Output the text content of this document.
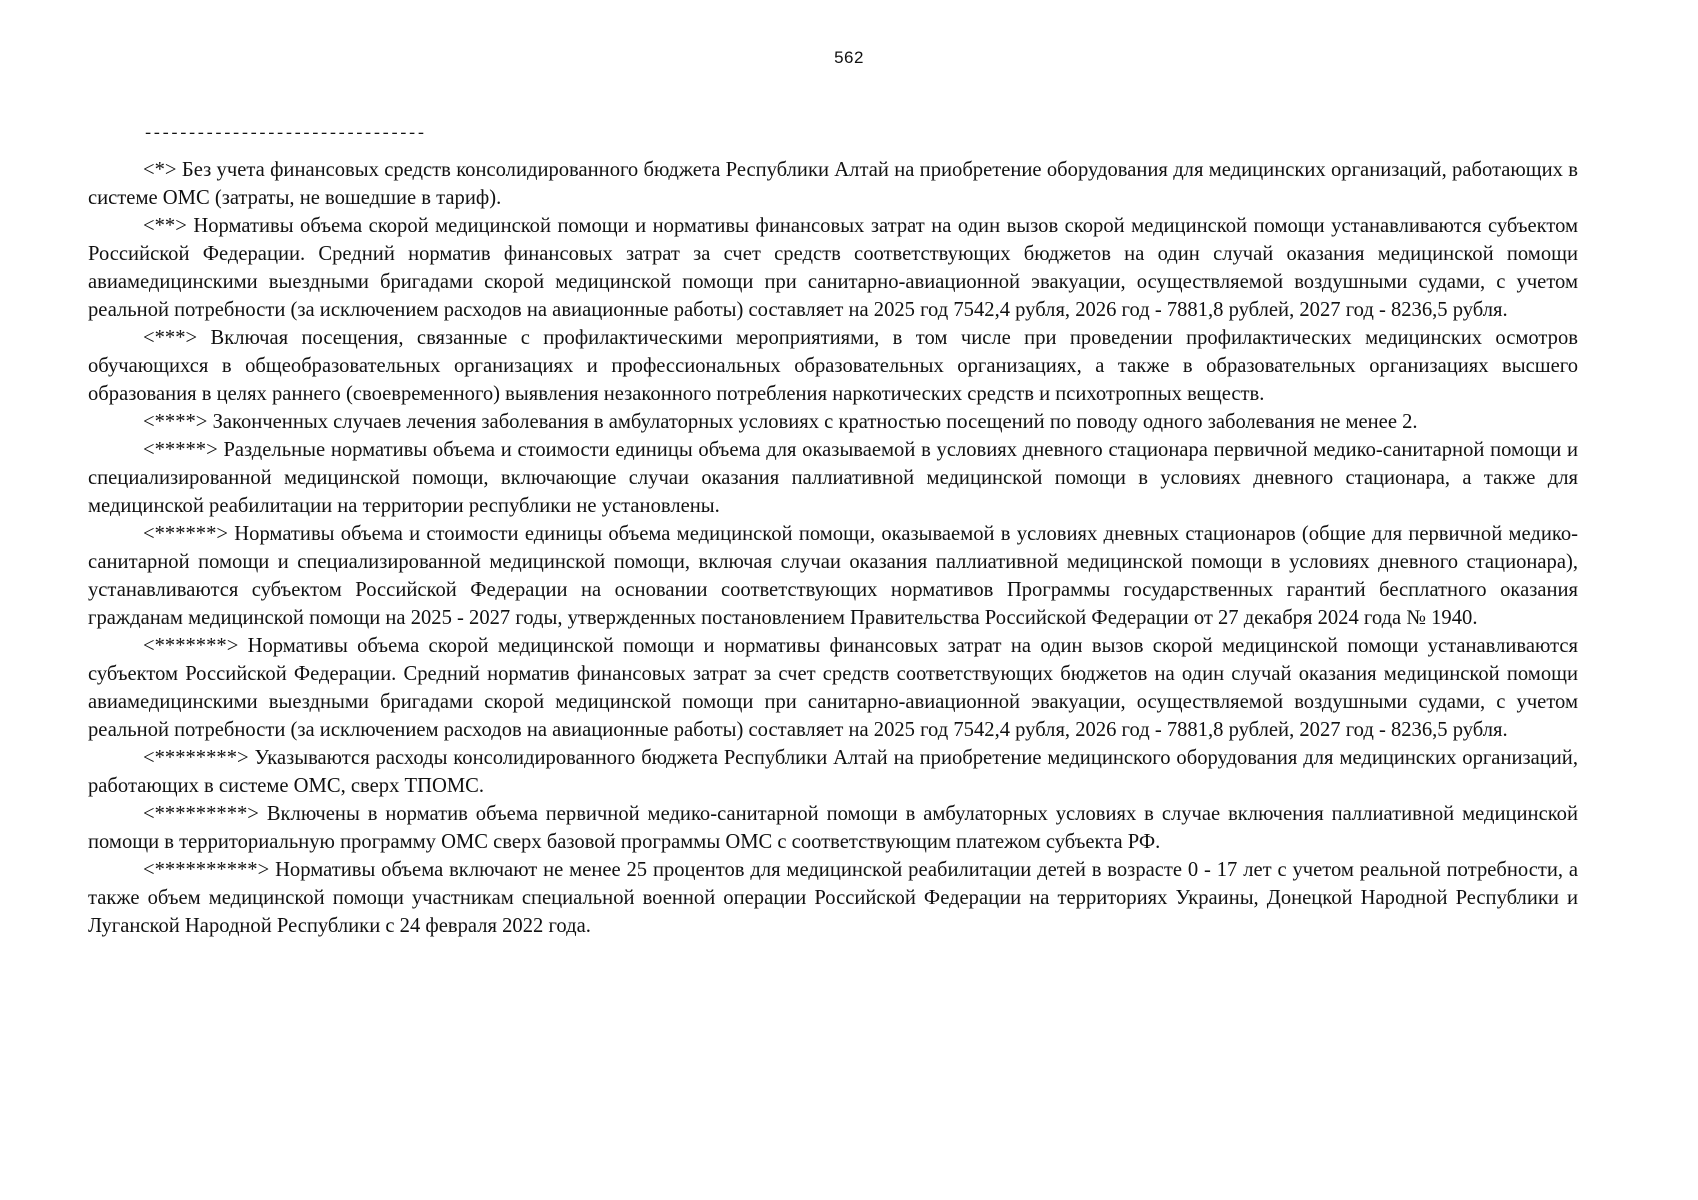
562
--------------------------------

<*> Без учета финансовых средств консолидированного бюджета Республики Алтай на приобретение оборудования для медицинских организаций, работающих в системе ОМС (затраты, не вошедшие в тариф).

<**> Нормативы объема скорой медицинской помощи и нормативы финансовых затрат на один вызов скорой медицинской помощи устанавливаются субъектом Российской Федерации. Средний норматив финансовых затрат за счет средств соответствующих бюджетов на один случай оказания медицинской помощи авиамедицинскими выездными бригадами скорой медицинской помощи при санитарно-авиационной эвакуации, осуществляемой воздушными судами, с учетом реальной потребности (за исключением расходов на авиационные работы) составляет на 2025 год 7542,4 рубля, 2026 год - 7881,8 рублей, 2027 год - 8236,5 рубля.

<***> Включая посещения, связанные с профилактическими мероприятиями, в том числе при проведении профилактических медицинских осмотров обучающихся в общеобразовательных организациях и профессиональных образовательных организациях, а также в образовательных организациях высшего образования в целях раннего (своевременного) выявления незаконного потребления наркотических средств и психотропных веществ.

<****> Законченных случаев лечения заболевания в амбулаторных условиях с кратностью посещений по поводу одного заболевания не менее 2.

<*****> Раздельные нормативы объема и стоимости единицы объема для оказываемой в условиях дневного стационара первичной медико-санитарной помощи и специализированной медицинской помощи, включающие случаи оказания паллиативной медицинской помощи в условиях дневного стационара, а также для медицинской реабилитации на территории республики не установлены.

<******> Нормативы объема и стоимости единицы объема медицинской помощи, оказываемой в условиях дневных стационаров (общие для первичной медико-санитарной помощи и специализированной медицинской помощи, включая случаи оказания паллиативной медицинской помощи в условиях дневного стационара), устанавливаются субъектом Российской Федерации на основании соответствующих нормативов Программы государственных гарантий бесплатного оказания гражданам медицинской помощи на 2025 - 2027 годы, утвержденных постановлением Правительства Российской Федерации от 27 декабря 2024 года № 1940.

<*******> Нормативы объема скорой медицинской помощи и нормативы финансовых затрат на один вызов скорой медицинской помощи устанавливаются субъектом Российской Федерации. Средний норматив финансовых затрат за счет средств соответствующих бюджетов на один случай оказания медицинской помощи авиамедицинскими выездными бригадами скорой медицинской помощи при санитарно-авиационной эвакуации, осуществляемой воздушными судами, с учетом реальной потребности (за исключением расходов на авиационные работы) составляет на 2025 год 7542,4 рубля, 2026 год - 7881,8 рублей, 2027 год - 8236,5 рубля.

<********> Указываются расходы консолидированного бюджета Республики Алтай на приобретение медицинского оборудования для медицинских организаций, работающих в системе ОМС, сверх ТПОМС.

<*********> Включены в норматив объема первичной медико-санитарной помощи в амбулаторных условиях в случае включения паллиативной медицинской помощи в территориальную программу ОМС сверх базовой программы ОМС с соответствующим платежом субъекта РФ.

<**********> Нормативы объема включают не менее 25 процентов для медицинской реабилитации детей в возрасте 0 - 17 лет с учетом реальной потребности, а также объем медицинской помощи участникам специальной военной операции Российской Федерации на территориях Украины, Донецкой Народной Республики и Луганской Народной Республики с 24 февраля 2022 года.
